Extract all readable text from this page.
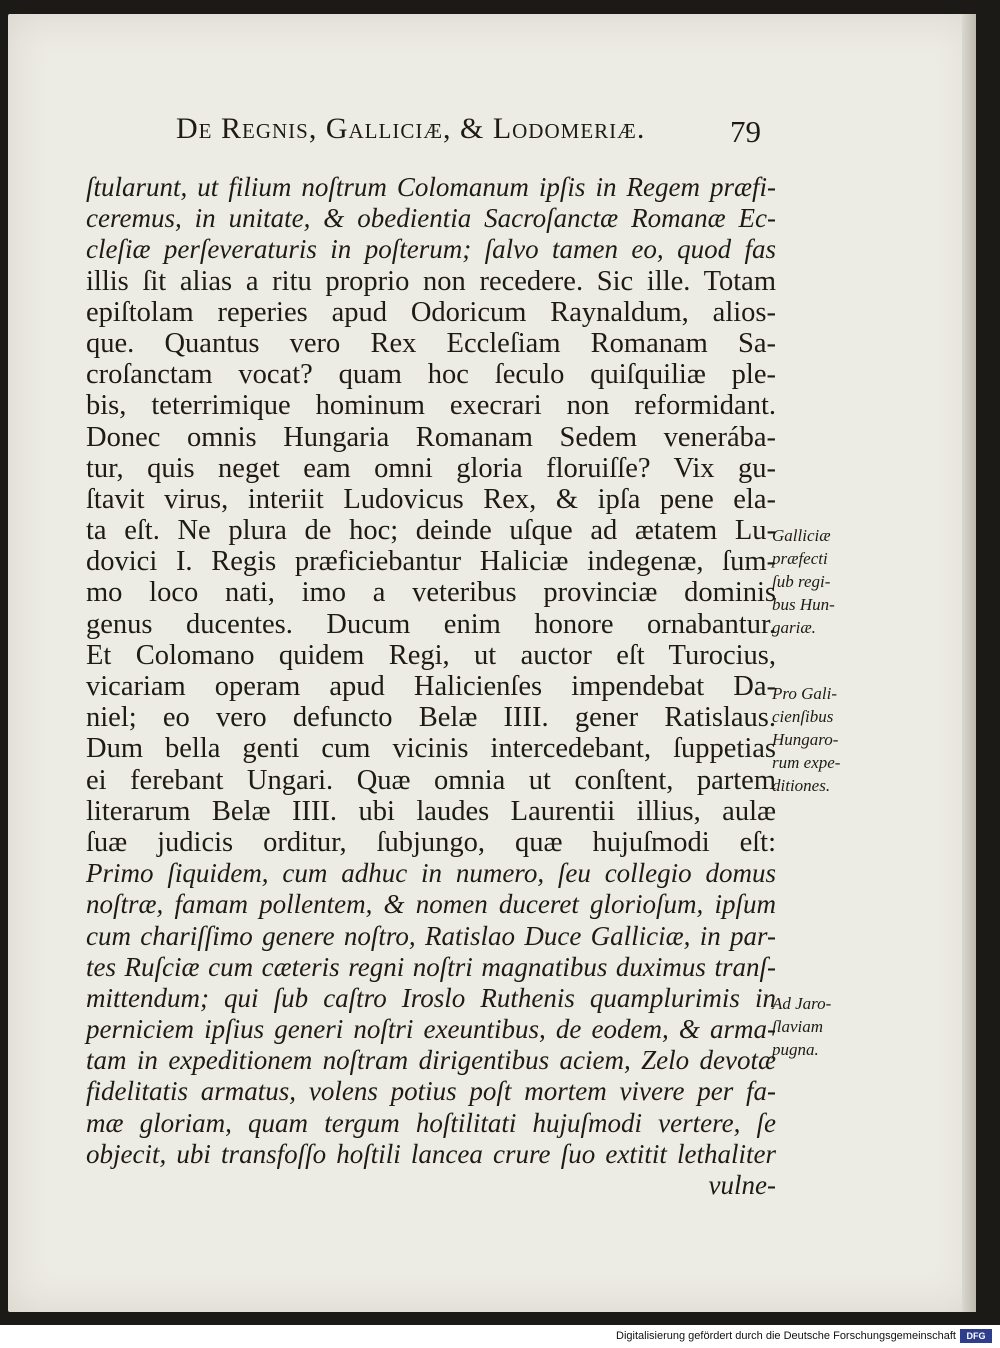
De Regnis, Galliciæ, & Lodomeriæ.	79
ſtularunt, ut filium noſtrum Colomanum ipſis in Regem præfi-
ceremus, in unitate, & obedientia Sacroſanctæ Romanæ Ec-
cleſiæ perſeveraturis in poſterum; ſalvo tamen eo, quod fas
illis ſit alias a ritu proprio non recedere. Sic ille. Totam
epiſtolam reperies apud Odoricum Raynaldum, alios-
que. Quantus vero Rex Eccleſiam Romanam Sa-
croſanctam vocat? quam hoc ſeculo quiſquiliæ ple-
bis, teterrimique hominum execrari non reformidant.
Donec omnis Hungaria Romanam Sedem venerába-
tur, quis neget eam omni gloria floruiſſe? Vix gu-
ſtavit virus, interiit Ludovicus Rex, & ipſa pene ela-
ta eſt. Ne plura de hoc; deinde uſque ad ætatem Lu-
dovici I. Regis præficiebantur Haliciæ indegenæ, ſum-
mo loco nati, imo a veteribus provinciæ dominis
genus ducentes. Ducum enim honore ornabantur.
Et Colomano quidem Regi, ut auctor eſt Turocius,
vicariam operam apud Halicienſes impendebat Da-
niel; eo vero defuncto Belæ IIII. gener Ratislaus.
Dum bella genti cum vicinis intercedebant, ſuppetias
ei ferebant Ungari. Quæ omnia ut conſtent, partem
literarum Belæ IIII. ubi laudes Laurentii illius, aulæ
ſuæ judicis orditur, ſubjungo, quæ hujuſmodi eſt:
Primo ſiquidem, cum adhuc in numero, ſeu collegio domus
noſtræ, famam pollentem, & nomen duceret glorioſum, ipſum
cum chariſſimo genere noſtro, Ratislao Duce Galliciæ, in par-
tes Ruſciæ cum cæteris regni noſtri magnatibus duximus tranſ-
mittendum; qui ſub caſtro Iroslo Ruthenis quamplurimis in
perniciem ipſius generi noſtri exeuntibus, de eodem, & arma-
tam in expeditionem noſtram dirigentibus aciem, Zelo devotæ
fidelitatis armatus, volens potius poſt mortem vivere per fa-
mæ gloriam, quam tergum hoſtilitati hujuſmodi vertere, ſe
objecit, ubi transfoſſo hoſtili lancea crure ſuo extitit lethaliter
vulne-
Galliciæ
præfecti
ſub regi-
bus Hun-
gariæ.
Pro Gali-
cienſibus
Hungaro-
rum expe-
ditiones.
Ad Jaro-
ſlaviam
pugna.
Digitalisierung gefördert durch die Deutsche Forschungsgemeinschaft	DFG
